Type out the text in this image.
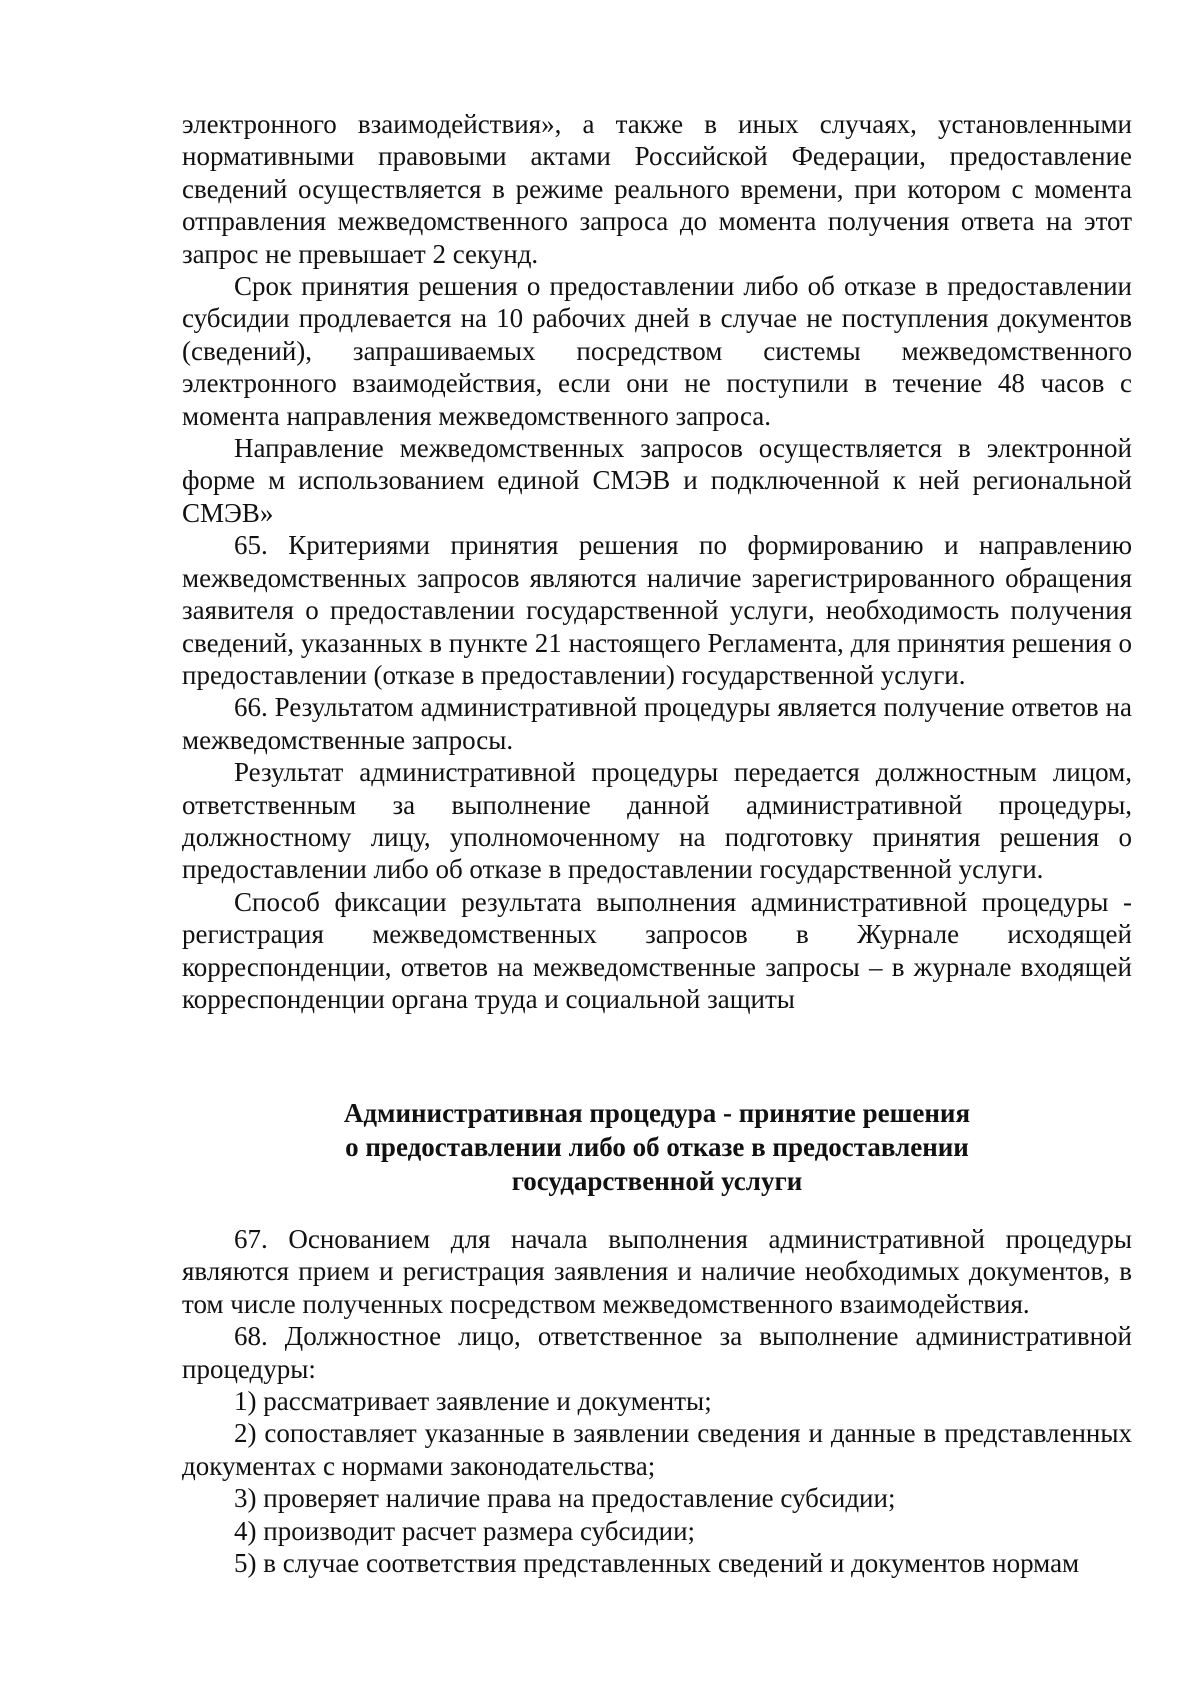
электронного взаимодействия», а также в иных случаях, установленными нормативными правовыми актами Российской Федерации, предоставление сведений осуществляется в режиме реального времени, при котором с момента отправления межведомственного запроса до момента получения ответа на этот запрос не превышает 2 секунд.

Срок принятия решения о предоставлении либо об отказе в предоставлении субсидии продлевается на 10 рабочих дней в случае не поступления документов (сведений), запрашиваемых посредством системы межведомственного электронного взаимодействия, если они не поступили в течение 48 часов с момента направления межведомственного запроса.

Направление межведомственных запросов осуществляется в электронной форме м использованием единой СМЭВ и подключенной к ней региональной СМЭВ»

65. Критериями принятия решения по формированию и направлению межведомственных запросов являются наличие зарегистрированного обращения заявителя о предоставлении государственной услуги, необходимость получения сведений, указанных в пункте 21 настоящего Регламента, для принятия решения о предоставлении (отказе в предоставлении) государственной услуги.

66. Результатом административной процедуры является получение ответов на межведомственные запросы.

Результат административной процедуры передается должностным лицом, ответственным за выполнение данной административной процедуры, должностному лицу, уполномоченному на подготовку принятия решения о предоставлении либо об отказе в предоставлении государственной услуги.

Способ фиксации результата выполнения административной процедуры - регистрация межведомственных запросов в Журнале исходящей корреспонденции, ответов на межведомственные запросы – в журнале входящей корреспонденции органа труда и социальной защиты

Административная процедура - принятие решения
о предоставлении либо об отказе в предоставлении
государственной услуги

67. Основанием для начала выполнения административной процедуры являются прием и регистрация заявления и наличие необходимых документов, в том числе полученных посредством межведомственного взаимодействия.

68. Должностное лицо, ответственное за выполнение административной процедуры:

1) рассматривает заявление и документы;

2) сопоставляет указанные в заявлении сведения и данные в представленных документах с нормами законодательства;

3) проверяет наличие права на предоставление субсидии;

4) производит расчет размера субсидии;

5) в случае соответствия представленных сведений и документов нормам
